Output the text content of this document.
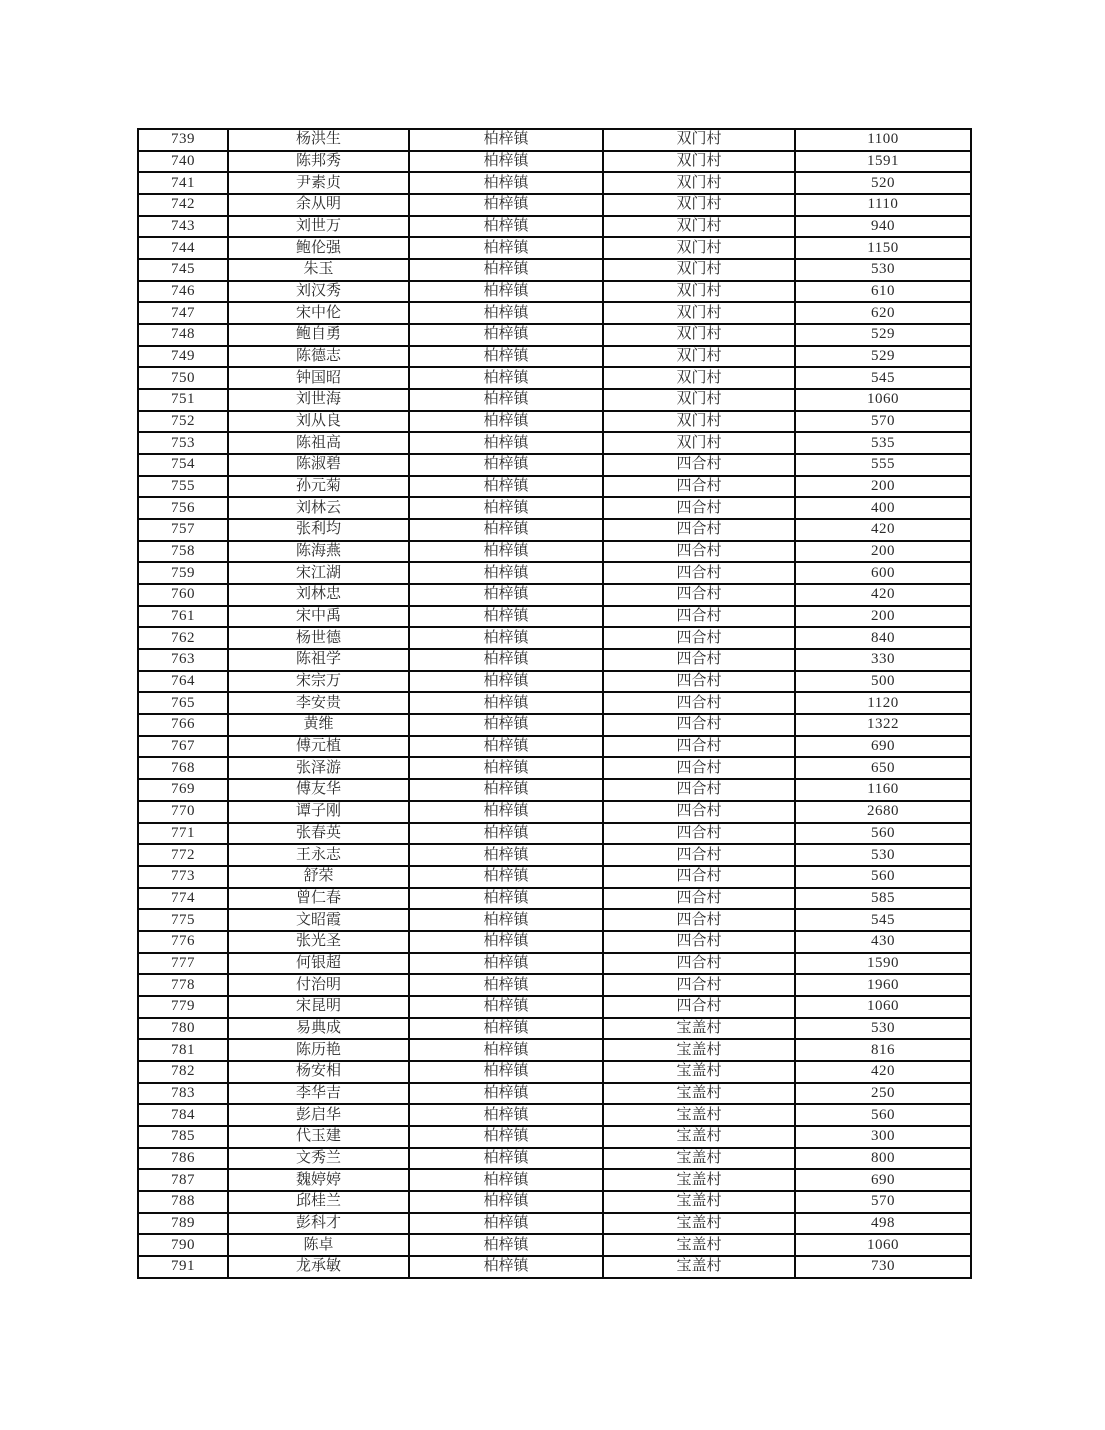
739	杨洪生	柏梓镇	双门村	1100
740	陈邦秀	柏梓镇	双门村	1591
741	尹素贞	柏梓镇	双门村	520
742	余从明	柏梓镇	双门村	1110
743	刘世万	柏梓镇	双门村	940
744	鲍伦强	柏梓镇	双门村	1150
745	朱玉	柏梓镇	双门村	530
746	刘汉秀	柏梓镇	双门村	610
747	宋中伦	柏梓镇	双门村	620
748	鲍自勇	柏梓镇	双门村	529
749	陈德志	柏梓镇	双门村	529
750	钟国昭	柏梓镇	双门村	545
751	刘世海	柏梓镇	双门村	1060
752	刘从良	柏梓镇	双门村	570
753	陈祖高	柏梓镇	双门村	535
754	陈淑碧	柏梓镇	四合村	555
755	孙元菊	柏梓镇	四合村	200
756	刘林云	柏梓镇	四合村	400
757	张利均	柏梓镇	四合村	420
758	陈海燕	柏梓镇	四合村	200
759	宋江湖	柏梓镇	四合村	600
760	刘林忠	柏梓镇	四合村	420
761	宋中禹	柏梓镇	四合村	200
762	杨世德	柏梓镇	四合村	840
763	陈祖学	柏梓镇	四合村	330
764	宋宗万	柏梓镇	四合村	500
765	李安贵	柏梓镇	四合村	1120
766	黄维	柏梓镇	四合村	1322
767	傅元植	柏梓镇	四合村	690
768	张泽游	柏梓镇	四合村	650
769	傅友华	柏梓镇	四合村	1160
770	谭子刚	柏梓镇	四合村	2680
771	张春英	柏梓镇	四合村	560
772	王永志	柏梓镇	四合村	530
773	舒荣	柏梓镇	四合村	560
774	曾仁春	柏梓镇	四合村	585
775	文昭霞	柏梓镇	四合村	545
776	张光圣	柏梓镇	四合村	430
777	何银超	柏梓镇	四合村	1590
778	付治明	柏梓镇	四合村	1960
779	宋昆明	柏梓镇	四合村	1060
780	易典成	柏梓镇	宝盖村	530
781	陈历艳	柏梓镇	宝盖村	816
782	杨安相	柏梓镇	宝盖村	420
783	李华吉	柏梓镇	宝盖村	250
784	彭启华	柏梓镇	宝盖村	560
785	代玉建	柏梓镇	宝盖村	300
786	文秀兰	柏梓镇	宝盖村	800
787	魏婷婷	柏梓镇	宝盖村	690
788	邱桂兰	柏梓镇	宝盖村	570
789	彭科才	柏梓镇	宝盖村	498
790	陈卓	柏梓镇	宝盖村	1060
791	龙承敏	柏梓镇	宝盖村	730
